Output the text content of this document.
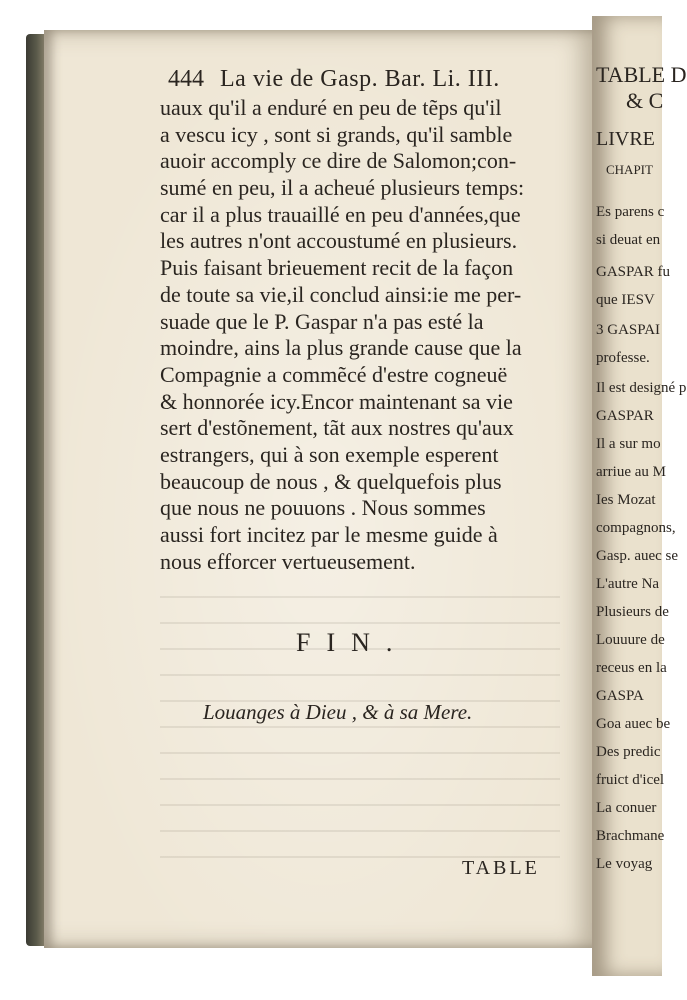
444 La vie de Gasp. Bar. Li. III.
uaux qu'il a enduré en peu de tẽps qu'il
a vescu icy , sont si grands, qu'il samble
auoir accomply ce dire de Salomon;con-
sumé en peu, il a acheué plusieurs temps:
car il a plus trauaillé en peu d'années,que
les autres n'ont accoustumé en plusieurs.
Puis faisant brieuement recit de la façon
de toute sa vie,il conclud ainsi:ie me per-
suade que le P. Gaspar n'a pas esté la
moindre, ains la plus grande cause que la
Compagnie a commẽcé d'estre cogneuë
& honnorée icy.Encor maintenant sa vie
sert d'estõnement, tãt aux nostres qu'aux
estrangers, qui à son exemple esperent
beaucoup de nous , & quelquefois plus
que nous ne pouuons . Nous sommes
aussi fort incitez par le mesme guide à
nous efforcer vertueusement.
FIN.
Louanges à Dieu , & à sa Mere.
TABLE
TABLE D
& C
LIVRE
CHAPIT
Es parens c
si deuat en
GASPAR fu
que IESV
3 GASPAI
professe.
Il est designé p
GASPAR
Il a sur mo
arriue au M
Ies Mozat
compagnons,
Gasp. auec se
L'autre Na
Plusieurs de
Louuure de
receus en la
GASPA
Goa auec be
Des predic
fruict d'icel
La conuer
Brachmane
Le voyag
